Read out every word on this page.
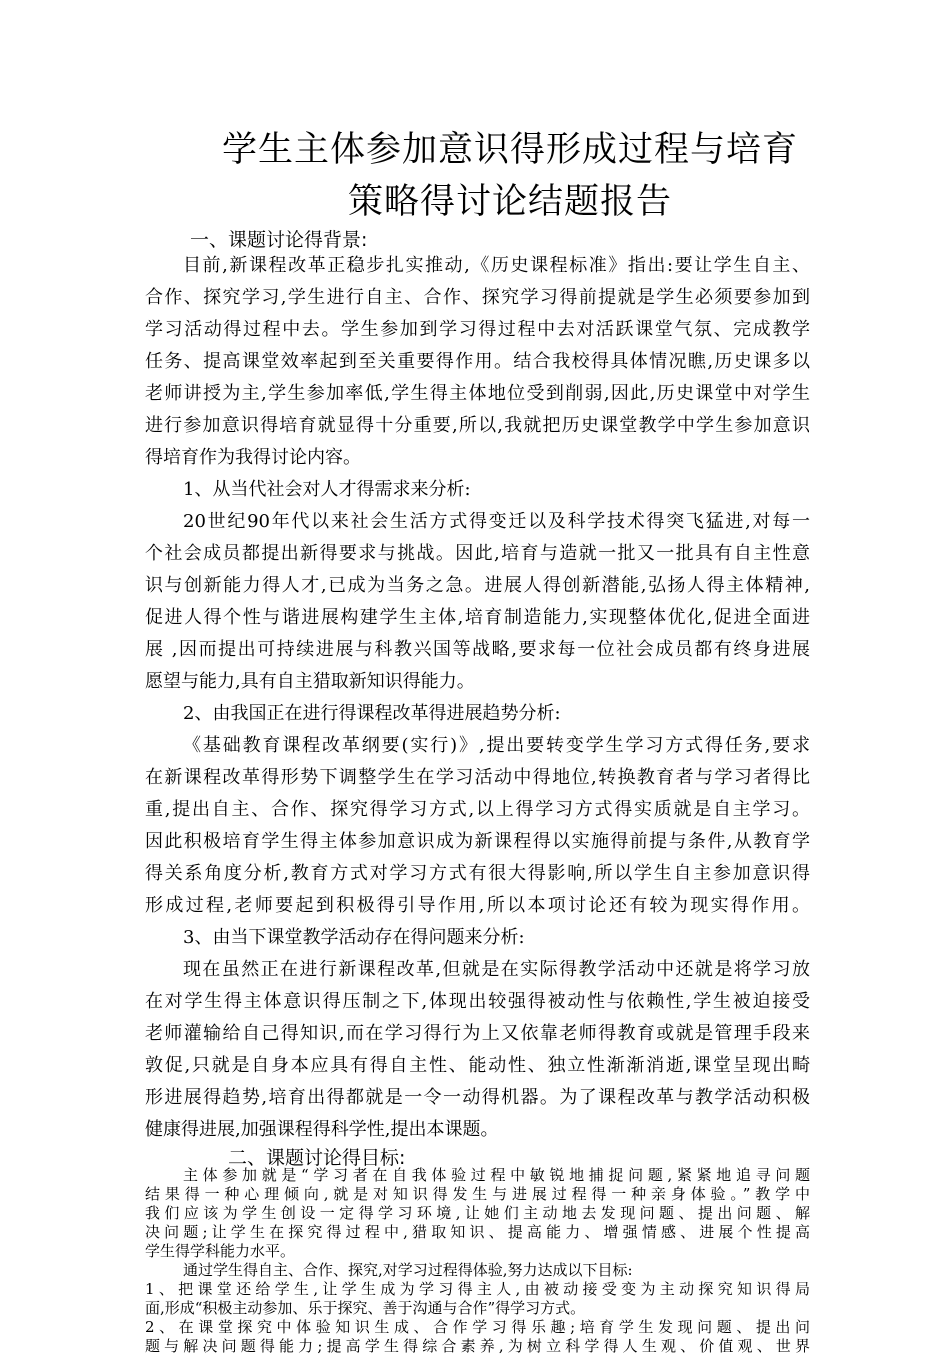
学生主体参加意识得形成过程与培育
策略得讨论结题报告
一、课题讨论得背景:
目前,新课程改革正稳步扎实推动,《历史课程标准》指出:要让学生自主、
合作、探究学习,学生进行自主、合作、探究学习得前提就是学生必须要参加到
学习活动得过程中去。学生参加到学习得过程中去对活跃课堂气氛、完成教学
任务、提高课堂效率起到至关重要得作用。结合我校得具体情况瞧,历史课多以
老师讲授为主,学生参加率低,学生得主体地位受到削弱,因此,历史课堂中对学生
进行参加意识得培育就显得十分重要,所以,我就把历史课堂教学中学生参加意识
得培育作为我得讨论内容。
1、从当代社会对人才得需求来分析:
20世纪90年代以来社会生活方式得变迁以及科学技术得突飞猛进,对每一
个社会成员都提出新得要求与挑战。因此,培育与造就一批又一批具有自主性意
识与创新能力得人才,已成为当务之急。进展人得创新潜能,弘扬人得主体精神,
促进人得个性与谐进展构建学生主体,培育制造能力,实现整体优化,促进全面进
展 ,因而提出可持续进展与科教兴国等战略,要求每一位社会成员都有终身进展
愿望与能力,具有自主猎取新知识得能力。
2、由我国正在进行得课程改革得进展趋势分析:
《基础教育课程改革纲要(实行)》,提出要转变学生学习方式得任务,要求
在新课程改革得形势下调整学生在学习活动中得地位,转换教育者与学习者得比
重,提出自主、合作、探究得学习方式,以上得学习方式得实质就是自主学习。
因此积极培育学生得主体参加意识成为新课程得以实施得前提与条件,从教育学
得关系角度分析,教育方式对学习方式有很大得影响,所以学生自主参加意识得
形成过程,老师要起到积极得引导作用,所以本项讨论还有较为现实得作用。
3、由当下课堂教学活动存在得问题来分析:
现在虽然正在进行新课程改革,但就是在实际得教学活动中还就是将学习放
在对学生得主体意识得压制之下,体现出较强得被动性与依赖性,学生被迫接受
老师灌输给自己得知识,而在学习得行为上又依靠老师得教育或就是管理手段来
敦促,只就是自身本应具有得自主性、能动性、独立性渐渐消逝,课堂呈现出畸
形进展得趋势,培育出得都就是一令一动得机器。为了课程改革与教学活动积极
健康得进展,加强课程得科学性,提出本课题。
二、课题讨论得目标:
主体参加就是“学习者在自我体验过程中敏锐地捕捉问题,紧紧地追寻问题
结果得一种心理倾向,就是对知识得发生与进展过程得一种亲身体验。”教学中
我们应该为学生创设一定得学习环境,让她们主动地去发现问题、提出问题、解
决问题;让学生在探究得过程中,猎取知识、提高能力、增强情感、进展个性提高
学生得学科能力水平。
通过学生得自主、合作、探究,对学习过程得体验,努力达成以下目标:
1、把课堂还给学生,让学生成为学习得主人,由被动接受变为主动探究知识得局
面,形成“积极主动参加、乐于探究、善于沟通与合作”得学习方式。
2、在课堂探究中体验知识生成、合作学习得乐趣;培育学生发现问题、提出问
题与解决问题得能力;提高学生得综合素养,为树立科学得人生观、价值观、世界
